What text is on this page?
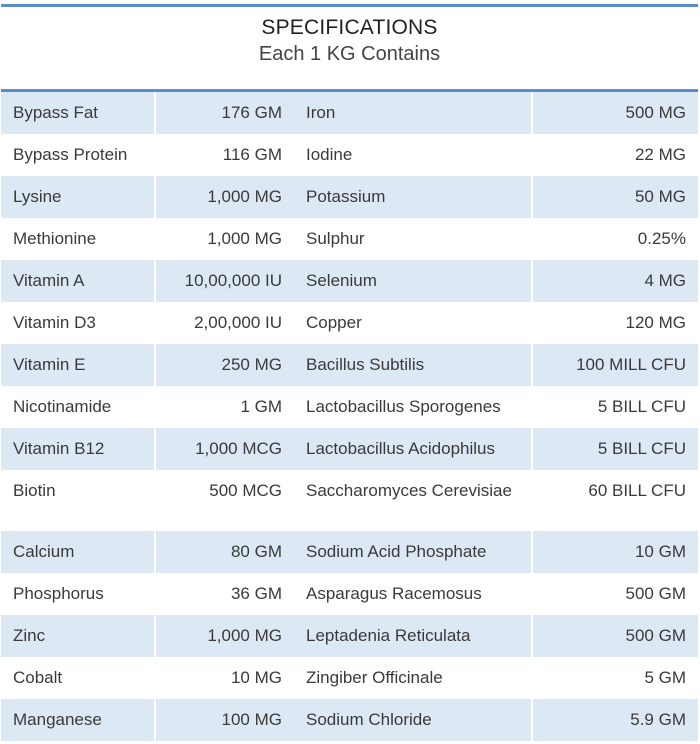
SPECIFICATIONS
Each 1 KG Contains
Bypass Fat	176 GM	Iron	500 MG
Bypass Protein	116 GM	Iodine	22 MG
Lysine	1,000 MG	Potassium	50 MG
Methionine	1,000 MG	Sulphur	0.25%
Vitamin A	10,00,000 IU	Selenium	4 MG
Vitamin D3	2,00,000 IU	Copper	120 MG
Vitamin E	250 MG	Bacillus Subtilis	100 MILL CFU
Nicotinamide	1 GM	Lactobacillus Sporogenes	5 BILL CFU
Vitamin B12	1,000 MCG	Lactobacillus Acidophilus	5 BILL CFU
Biotin	500 MCG	Saccharomyces Cerevisiae	60 BILL CFU
Calcium	80 GM	Sodium Acid Phosphate	10 GM
Phosphorus	36 GM	Asparagus Racemosus	500 GM
Zinc	1,000 MG	Leptadenia Reticulata	500 GM
Cobalt	10 MG	Zingiber Officinale	5 GM
Manganese	100 MG	Sodium Chloride	5.9 GM
